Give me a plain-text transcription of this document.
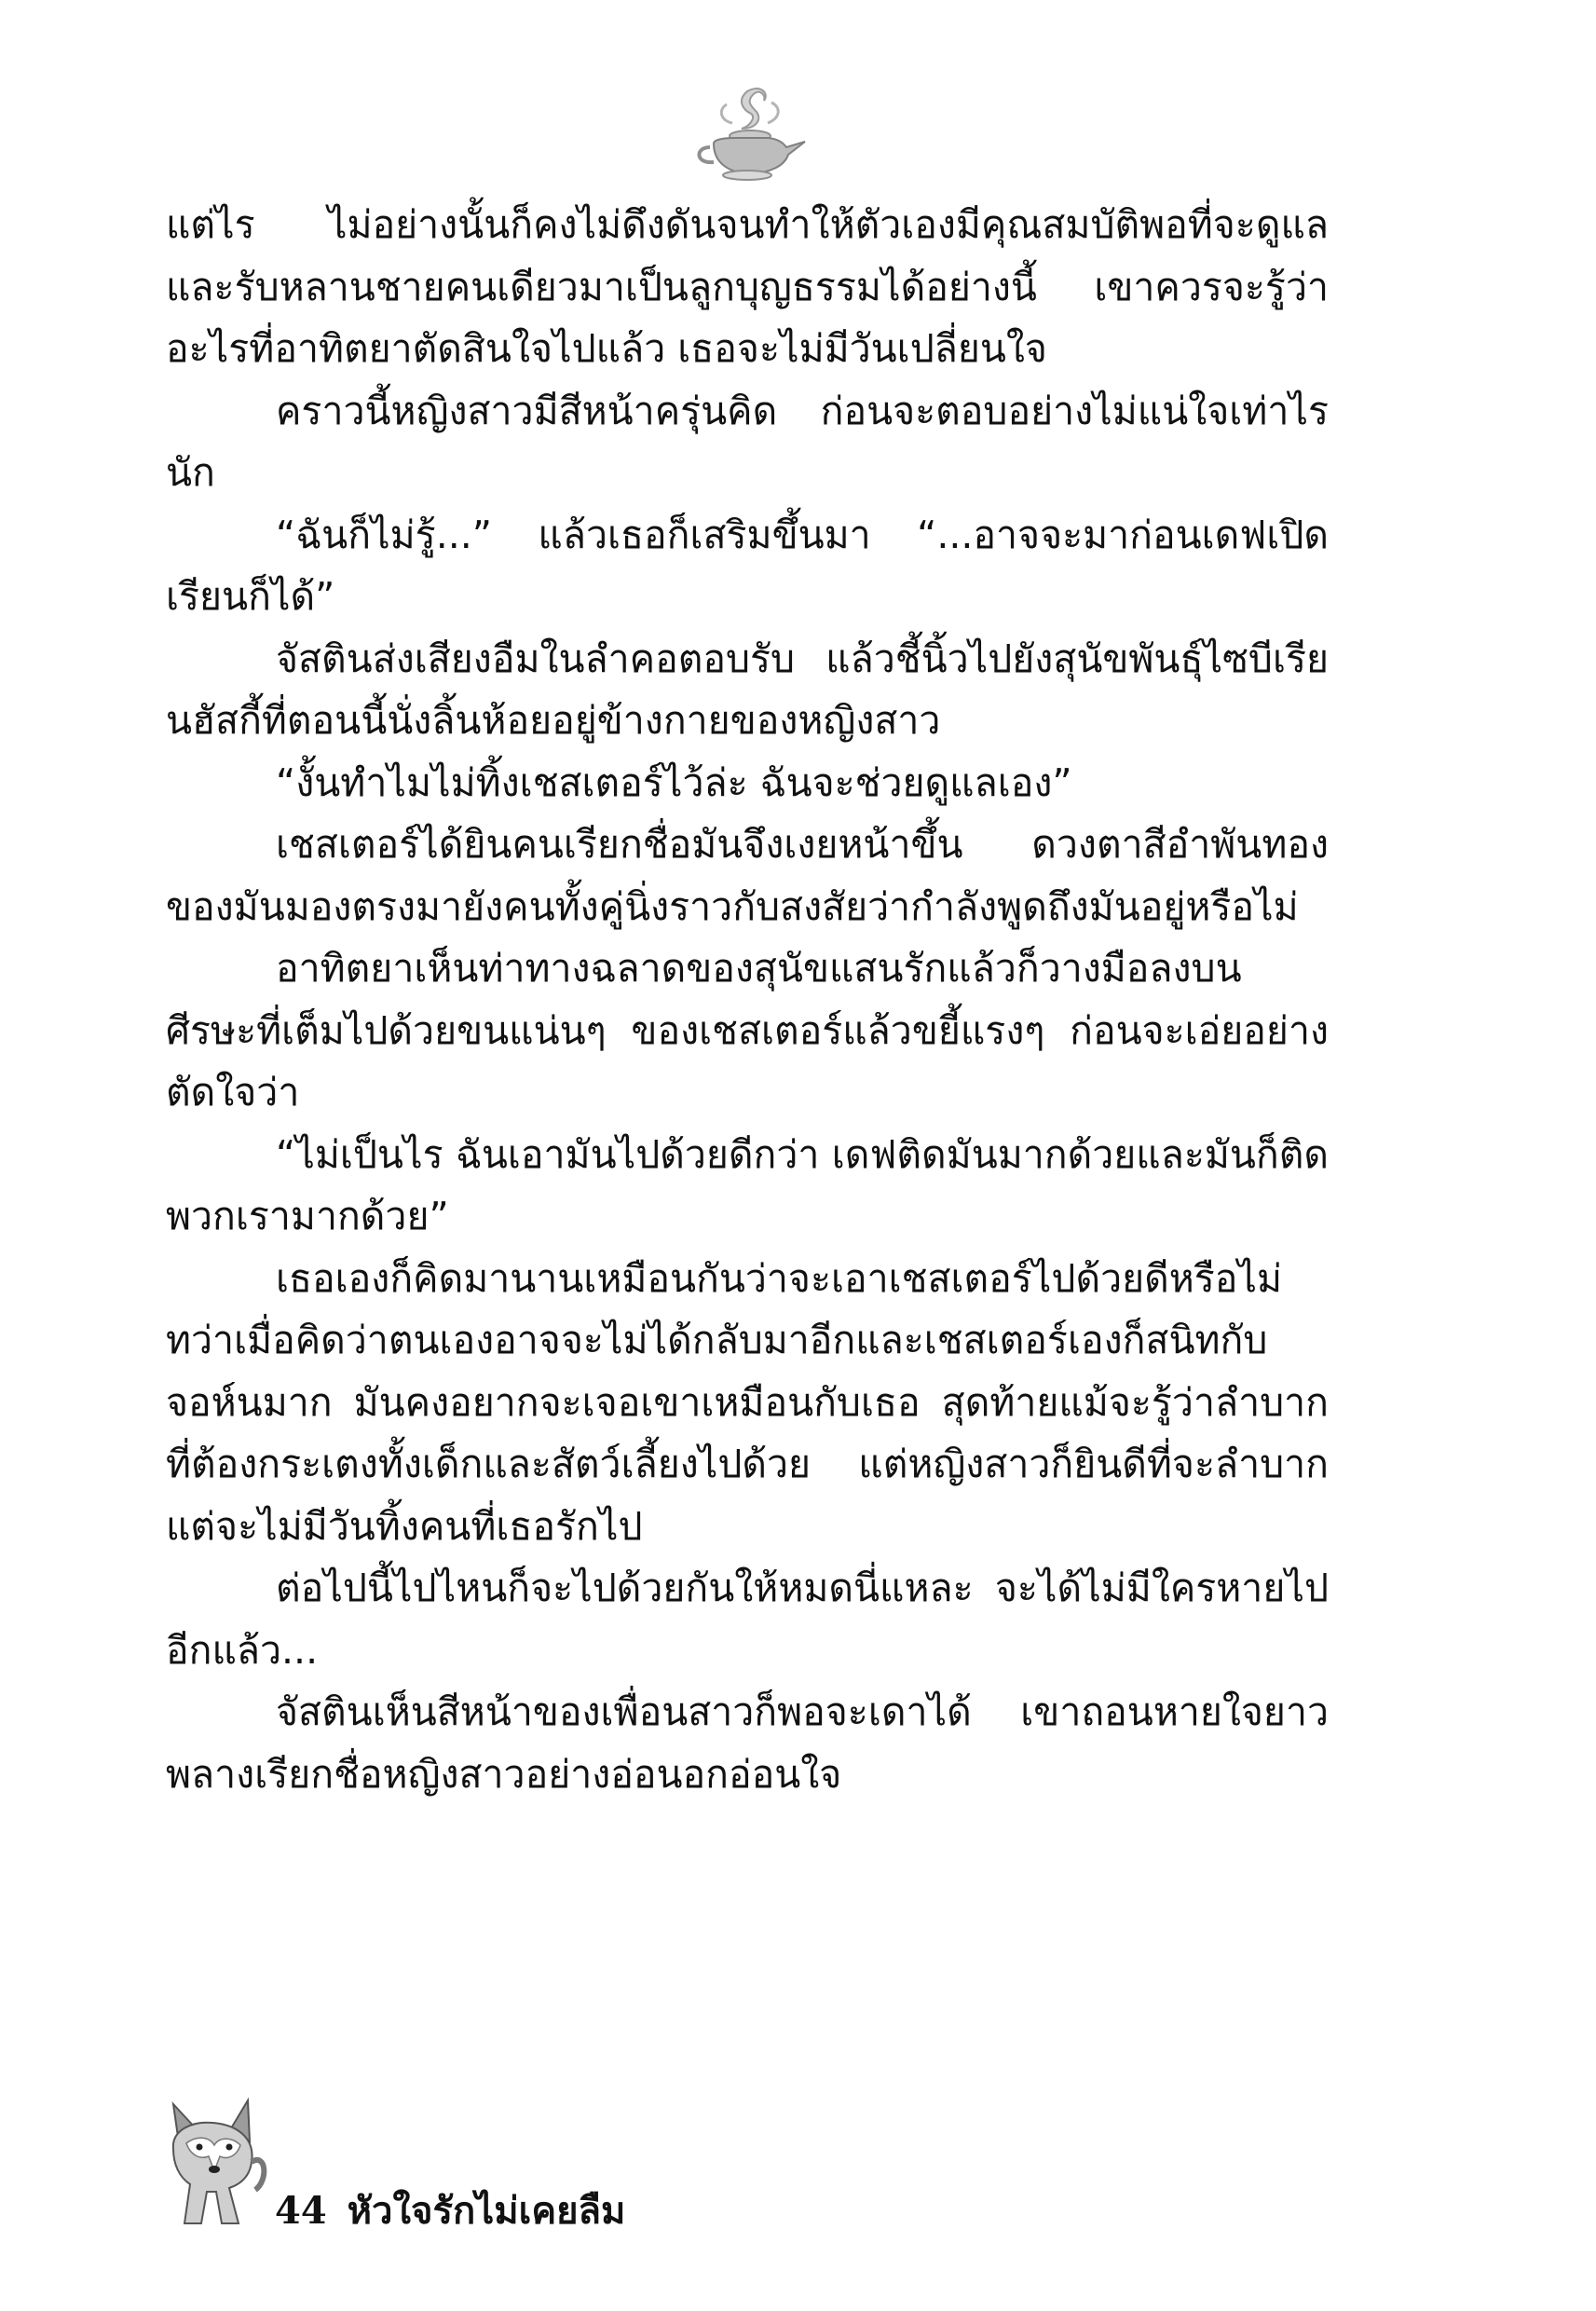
แต่ไร ไม่อย่างนั้นก็คงไม่ดึงดันจนทำให้ตัวเองมีคุณสมบัติพอที่จะดูแลและรับหลานชายคนเดียวมาเป็นลูกบุญธรรมได้อย่างนี้ เขาควรจะรู้ว่าอะไรที่อาทิตยาตัดสินใจไปแล้ว เธอจะไม่มีวันเปลี่ยนใจ

คราวนี้หญิงสาวมีสีหน้าครุ่นคิด ก่อนจะตอบอย่างไม่แน่ใจเท่าไรนัก

“ฉันก็ไม่รู้...” แล้วเธอก็เสริมขึ้นมา “...อาจจะมาก่อนเดฟเปิดเรียนก็ได้”

จัสตินส่งเสียงอืมในลำคอตอบรับ แล้วชี้นิ้วไปยังสุนัขพันธุ์ไซบีเรียนฮัสกี้ที่ตอนนี้นั่งลิ้นห้อยอยู่ข้างกายของหญิงสาว

“งั้นทำไมไม่ทิ้งเชสเตอร์ไว้ล่ะ ฉันจะช่วยดูแลเอง”

เชสเตอร์ได้ยินคนเรียกชื่อมันจึงเงยหน้าขึ้น ดวงตาสีอำพันทองของมันมองตรงมายังคนทั้งคู่นิ่งราวกับสงสัยว่ากำลังพูดถึงมันอยู่หรือไม่

อาทิตยาเห็นท่าทางฉลาดของสุนัขแสนรักแล้วก็วางมือลงบนศีรษะที่เต็มไปด้วยขนแน่นๆ ของเชสเตอร์แล้วขยี้แรงๆ ก่อนจะเอ่ยอย่างตัดใจว่า

“ไม่เป็นไร ฉันเอามันไปด้วยดีกว่า เดฟติดมันมากด้วยและมันก็ติดพวกเรามากด้วย”

เธอเองก็คิดมานานเหมือนกันว่าจะเอาเชสเตอร์ไปด้วยดีหรือไม่ ทว่าเมื่อคิดว่าตนเองอาจจะไม่ได้กลับมาอีกและเชสเตอร์เองก็สนิทกับจอห์นมาก มันคงอยากจะเจอเขาเหมือนกับเธอ สุดท้ายแม้จะรู้ว่าลำบากที่ต้องกระเตงทั้งเด็กและสัตว์เลี้ยงไปด้วย แต่หญิงสาวก็ยินดีที่จะลำบาก แต่จะไม่มีวันทิ้งคนที่เธอรักไป

ต่อไปนี้ไปไหนก็จะไปด้วยกันให้หมดนี่แหละ จะได้ไม่มีใครหายไปอีกแล้ว...

จัสตินเห็นสีหน้าของเพื่อนสาวก็พอจะเดาได้ เขาถอนหายใจยาวพลางเรียกชื่อหญิงสาวอย่างอ่อนอกอ่อนใจ

44 หัวใจรักไม่เคยลืม
